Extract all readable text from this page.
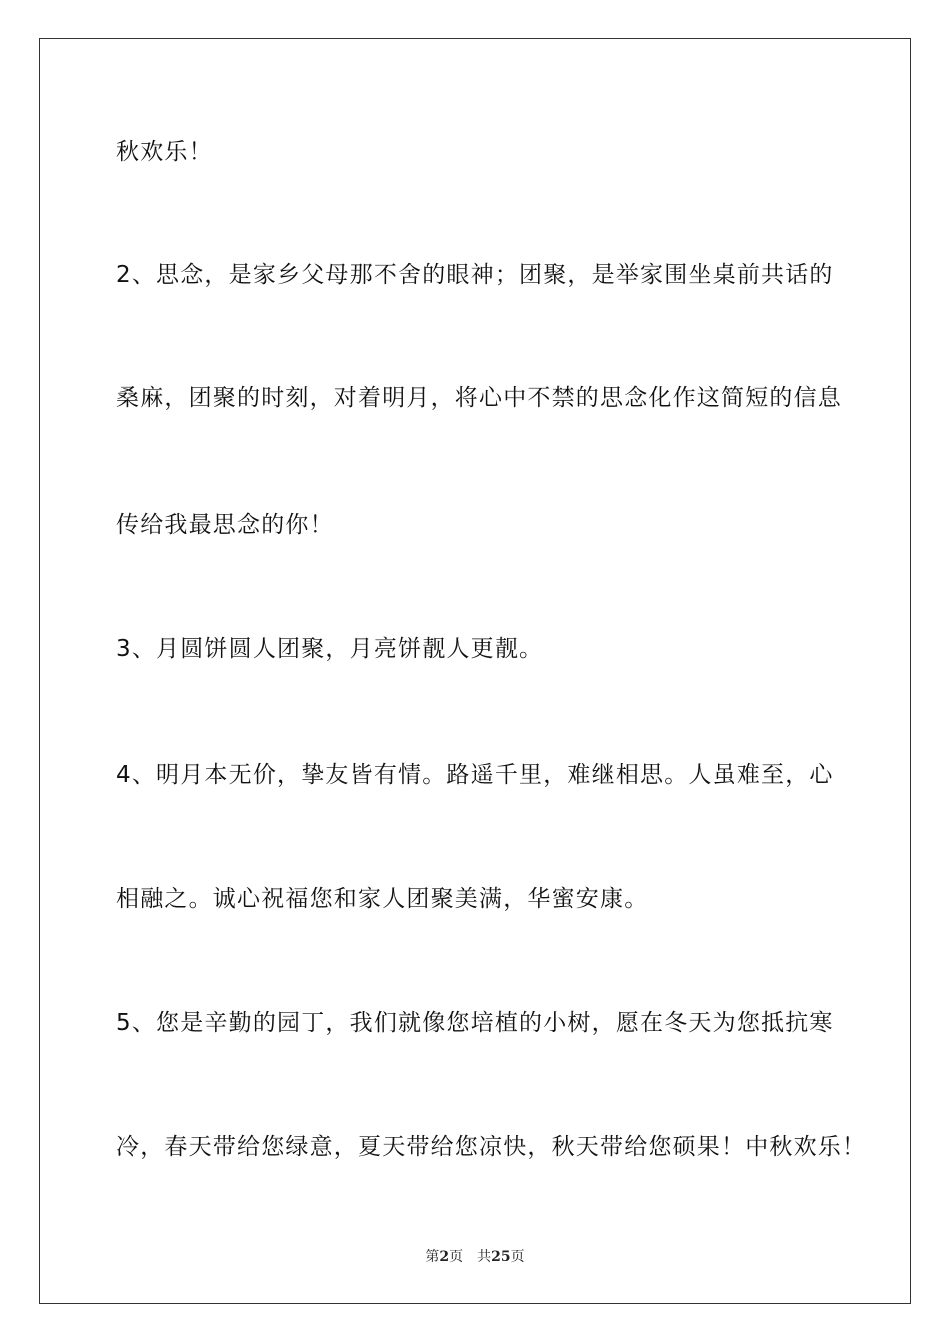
秋欢乐！
2、思念，是家乡父母那不舍的眼神；团聚，是举家围坐桌前共话的
桑麻，团聚的时刻，对着明月，将心中不禁的思念化作这简短的信息
传给我最思念的你！
3、月圆饼圆人团聚，月亮饼靓人更靓。
4、明月本无价，挚友皆有情。路遥千里，难继相思。人虽难至，心
相融之。诚心祝福您和家人团聚美满，华蜜安康。
5、您是辛勤的园丁，我们就像您培植的小树，愿在冬天为您抵抗寒
冷，春天带给您绿意，夏天带给您凉快，秋天带给您硕果！中秋欢乐！
第2页 共25页
